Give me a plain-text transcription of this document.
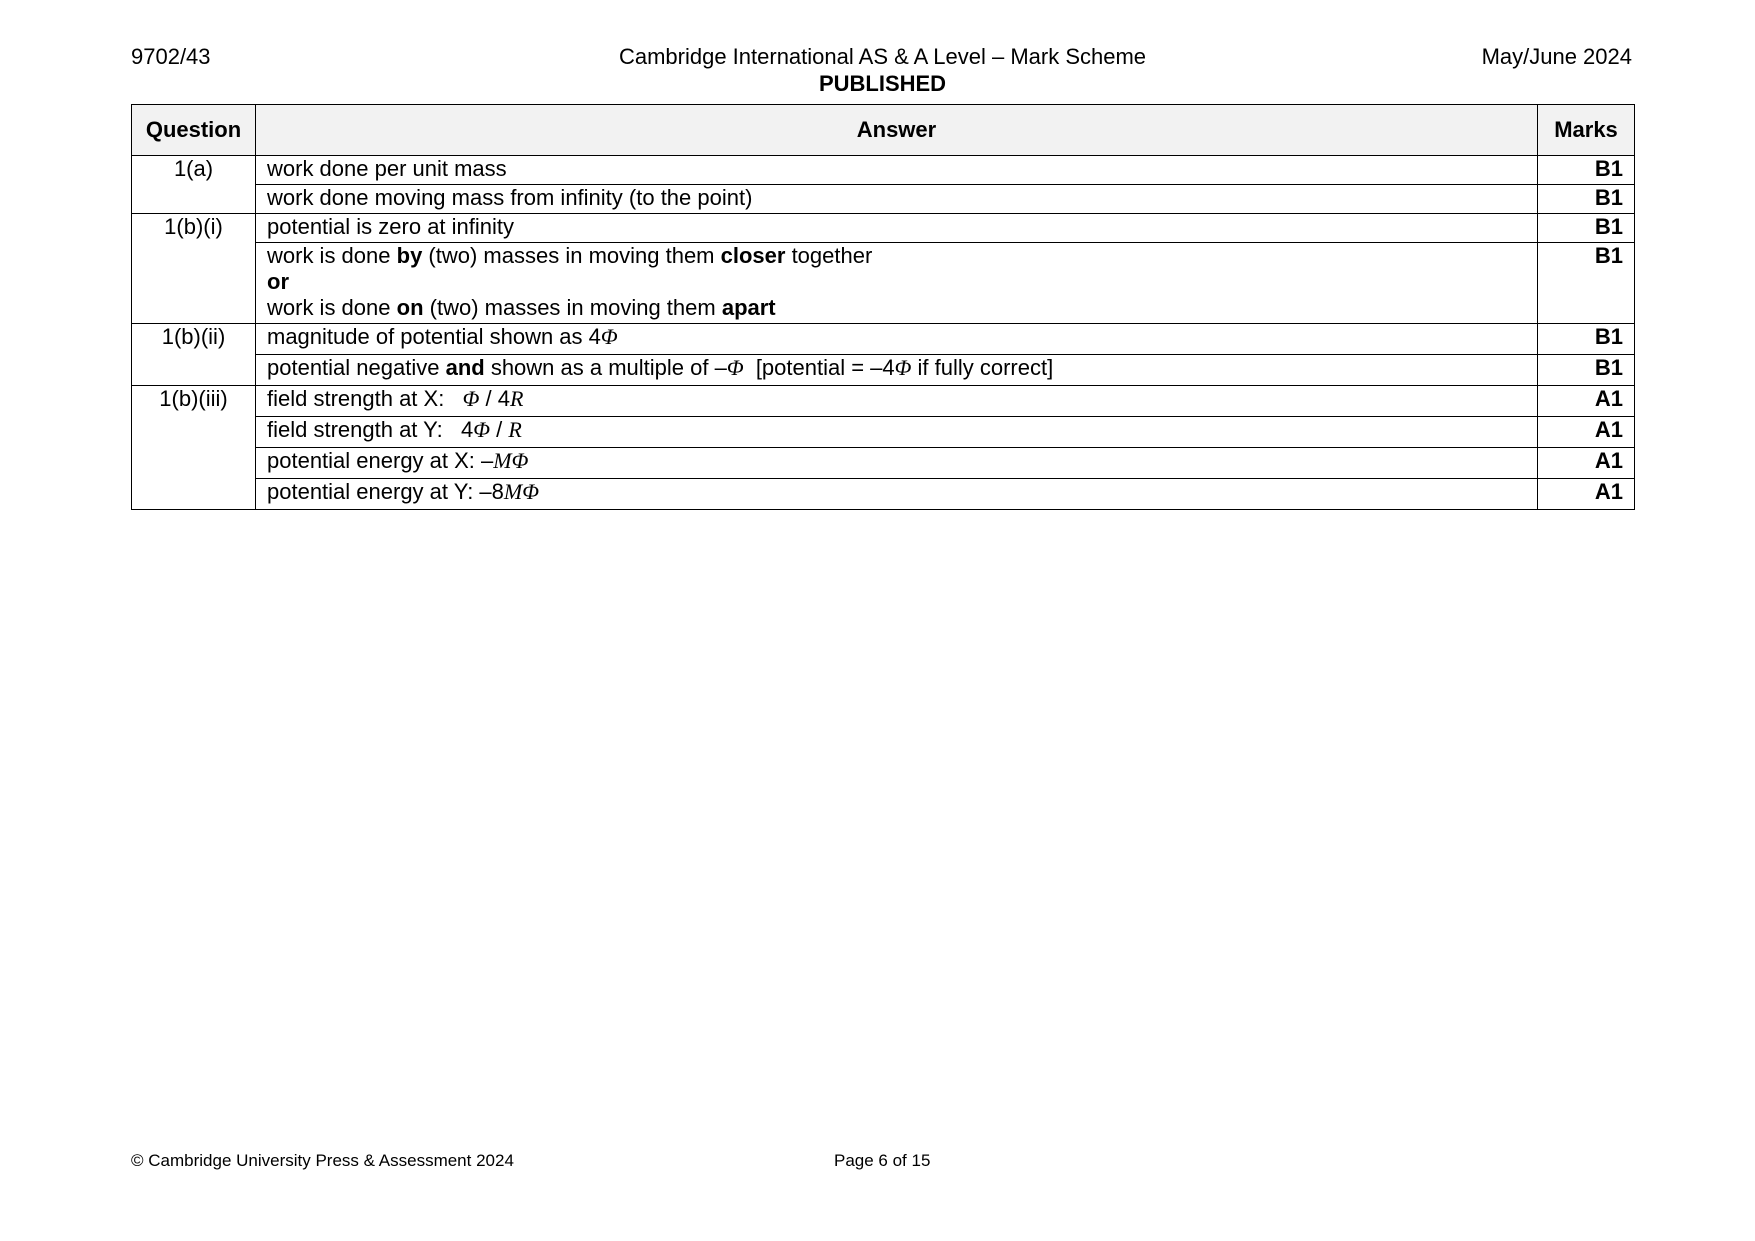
9702/43	Cambridge International AS & A Level – Mark Scheme	May/June 2024
PUBLISHED
Question	Answer	Marks
1(a)	work done per unit mass	B1
	work done moving mass from infinity (to the point)	B1
1(b)(i)	potential is zero at infinity	B1

	work is done by (two) masses in moving them closer together
or
work is done on (two) masses in moving them apart	B1
1(b)(ii)	magnitude of potential shown as 4Φ	B1
	potential negative and shown as a multiple of –Φ  [potential = –4Φ if fully correct]	B1
1(b)(iii)	field strength at X:   Φ / 4R	A1
	field strength at Y:   4Φ / R	A1
	potential energy at X: –MΦ	A1
	potential energy at Y: –8MΦ	A1
© Cambridge University Press & Assessment 2024	Page 6 of 15
